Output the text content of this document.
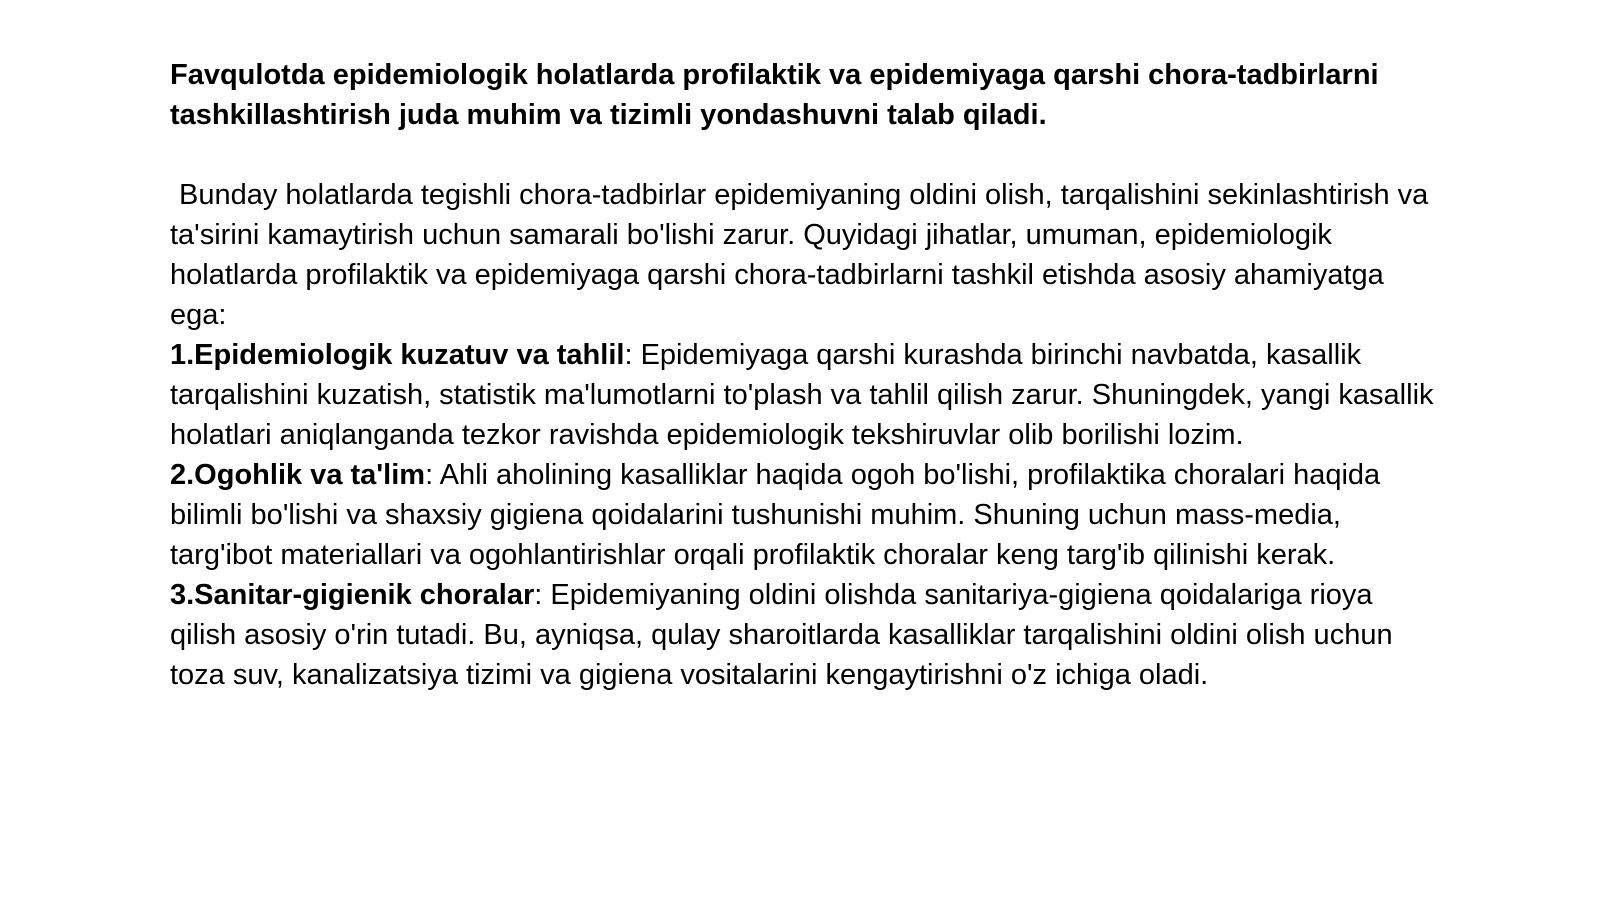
Favqulotda epidemiologik holatlarda profilaktik va epidemiyaga qarshi chora-tadbirlarni tashkillashtirish juda muhim va tizimli yondashuvni talab qiladi.

Bunday holatlarda tegishli chora-tadbirlar epidemiyaning oldini olish, tarqalishini sekinlashtirish va ta'sirini kamaytirish uchun samarali bo'lishi zarur. Quyidagi jihatlar, umuman, epidemiologik holatlarda profilaktik va epidemiyaga qarshi chora-tadbirlarni tashkil etishda asosiy ahamiyatga ega:

1.Epidemiologik kuzatuv va tahlil: Epidemiyaga qarshi kurashda birinchi navbatda, kasallik tarqalishini kuzatish, statistik ma'lumotlarni to'plash va tahlil qilish zarur. Shuningdek, yangi kasallik holatlari aniqlanganda tezkor ravishda epidemiologik tekshiruvlar olib borilishi lozim.

2.Ogohlik va ta'lim: Ahli aholining kasalliklar haqida ogoh bo'lishi, profilaktika choralari haqida bilimli bo'lishi va shaxsiy gigiena qoidalarini tushunishi muhim. Shuning uchun mass-media, targ'ibot materiallari va ogohlantirishlar orqali profilaktik choralar keng targ'ib qilinishi kerak.

3.Sanitar-gigienik choralar: Epidemiyaning oldini olishda sanitariya-gigiena qoidalariga rioya qilish asosiy o'rin tutadi. Bu, ayniqsa, qulay sharoitlarda kasalliklar tarqalishini oldini olish uchun toza suv, kanalizatsiya tizimi va gigiena vositalarini kengaytirishni o'z ichiga oladi.
